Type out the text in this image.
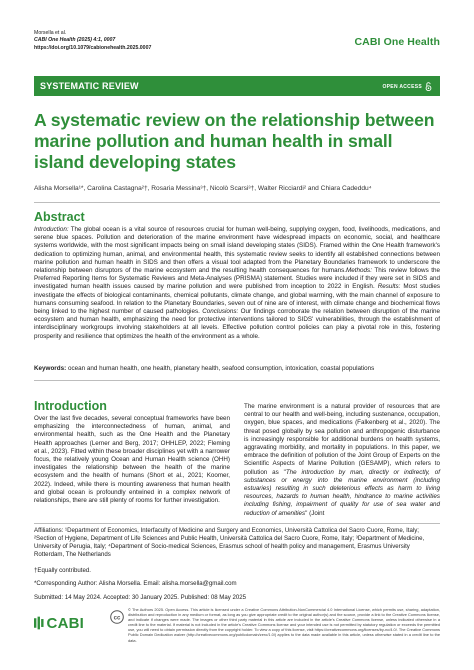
Morsella et al.
CABI One Health (2025) 4:1, 0007
https://doi.org/10.1079/cabionehealth.2025.0007	CABI One Health
SYSTEMATIC REVIEW	OPEN ACCESS
A systematic review on the relationship between marine pollution and human health in small island developing states
Alisha Morsella¹*, Carolina Castagna²†, Rosaria Messina³†, Nicolò Scarsi³†, Walter Ricciardi² and Chiara Cadeddu⁴
Abstract

Introduction: The global ocean is a vital source of resources crucial for human well-being, supplying oxygen, food, livelihoods, medications, and serene blue spaces. Pollution and deterioration of the marine environment have widespread impacts on economic, social, and healthcare systems worldwide, with the most significant impacts being on small island developing states (SIDS). Framed within the One Health framework's dedication to optimizing human, animal, and environmental health, this systematic review seeks to identify all established connections between marine pollution and human health in SIDS and then offers a visual tool adapted from the Planetary Boundaries framework to underscore the relationship between disruptors of the marine ecosystem and the resulting health consequences for humans.Methods: This review follows the Preferred Reporting Items for Systematic Reviews and Meta-Analyses (PRISMA) statement. Studies were included if they were set in SIDS and investigated human health issues caused by marine pollution and were published from inception to 2022 in English. Results: Most studies investigate the effects of biological contaminants, chemical pollutants, climate change, and global warming, with the main channel of exposure to humans consuming seafood. In relation to the Planetary Boundaries, seven out of nine are of interest, with climate change and biochemical flows being linked to the highest number of caused pathologies. Conclusions: Our findings corroborate the relation between disruption of the marine ecosystem and human health, emphasizing the need for protective interventions tailored to SIDS' vulnerabilities, through the establishment of interdisciplinary workgroups involving stakeholders at all levels. Effective pollution control policies can play a pivotal role in this, fostering prosperity and resilience that optimizes the health of the environment as a whole.

Keywords: ocean and human health, one health, planetary health, seafood consumption, intoxication, coastal populations

Introduction

Over the last five decades, several conceptual frameworks have been emphasizing the interconnectedness of human, animal, and environmental health, such as the One Health and the Planetary Health approaches (Lerner and Berg, 2017; OHHLEP, 2022; Fleming et al., 2023). Fitted within these broader disciplines yet with a narrower focus, the relatively young Ocean and Human Health science (OHH) investigates the relationship between the health of the marine ecosystem and the health of humans (Short et al., 2021; Koomer, 2022). Indeed, while there is mounting awareness that human health and global ocean is profoundly entwined in a complex network of relationships, there are still plenty of rooms for further investigation.

The marine environment is a natural provider of resources that are central to our health and well-being, including sustenance, occupation, oxygen, blue spaces, and medications (Falkenberg et al., 2020). The threat posed globally by sea pollution and anthropogenic disturbance is increasingly responsible for additional burdens on health systems, aggravating morbidity, and mortality in populations. In this paper, we embrace the definition of pollution of the Joint Group of Experts on the Scientific Aspects of Marine Pollution (GESAMP), which refers to pollution as "The introduction by man, directly or indirectly, of substances or energy into the marine environment (including estuaries) resulting in such deleterious effects as harm to living resources, hazards to human health, hindrance to marine activities including fishing, impairment of quality for use of sea water and reduction of amenities" (Joint

Affiliations: ¹Department of Economics, Interfaculty of Medicine and Surgery and Economics, Università Cattolica del Sacro Cuore, Rome, Italy; ²Section of Hygiene, Department of Life Sciences and Public Health, Università Cattolica del Sacro Cuore, Rome, Italy; ³Department of Medicine, University of Perugia, Italy; ⁴Department of Socio-medical Sciences, Erasmus school of health policy and management, Erasmus University Rotterdam, The Netherlands

†Equally contributed.
*Corresponding Author: Alisha Morsella. Email: alisha.morsella@gmail.com
Submitted: 14 May 2024. Accepted: 30 January 2025. Published: 08 May 2025
CABI	cc

© The Authors 2025. Open Access. This article is licensed under a Creative Commons Attribution-NonCommercial 4.0 International License, which permits use, sharing, adaptation, distribution and reproduction in any medium or format, as long as you give appropriate credit to the original author(s) and the source, provide a link to the Creative Commons license, and indicate if changes were made. The images or other third party material in this article are included in the article's Creative Commons license, unless indicated otherwise in a credit line to the material. If material is not included in the article's Creative Commons license and your intended use is not permitted by statutory regulation or exceeds the permitted use, you will need to obtain permission directly from the copyright holder. To view a copy of this license, visit https://creativecommons.org/licenses/by-nc/4.0/. The Creative Commons Public Domain Dedication waiver (http://creativecommons.org/publicdomain/zero/1.0/) applies to the data made available in this article, unless otherwise stated in a credit line to the data.
